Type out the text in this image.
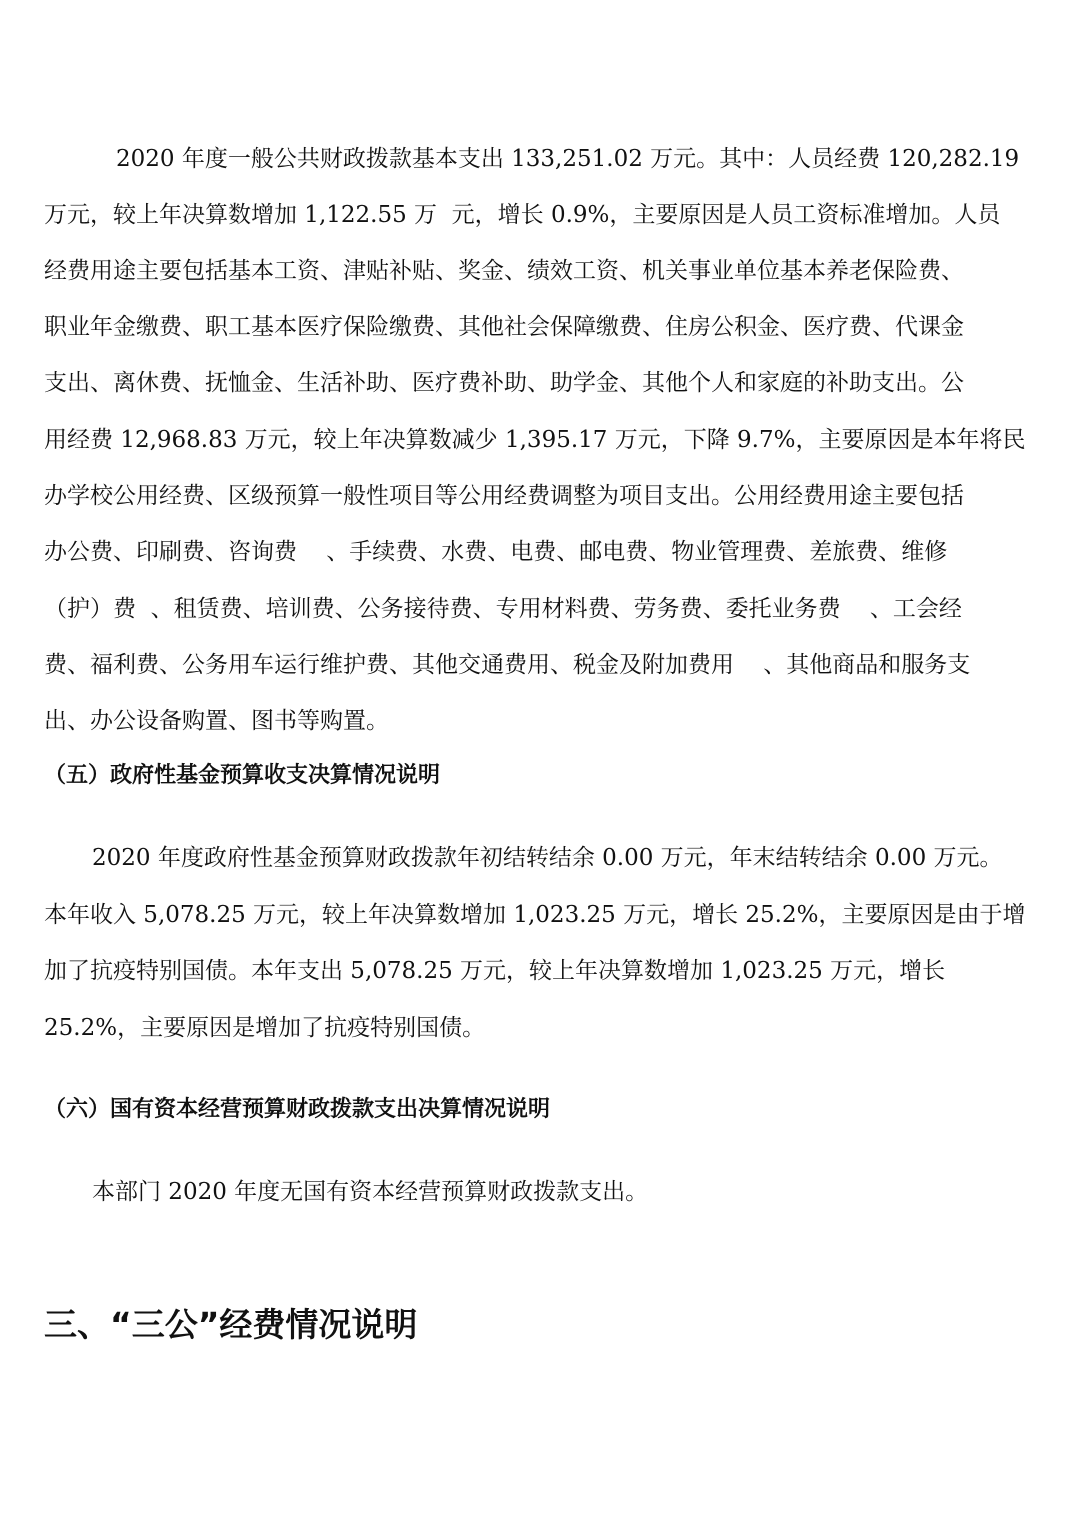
2020 年度一般公共财政拨款基本支出 133,251.02 万元。其中：人员经费 120,282.19
万元，较上年决算数增加 1,122.55 万  元，增长 0.9%，主要原因是人员工资标准增加。人员
经费用途主要包括基本工资、津贴补贴、奖金、绩效工资、机关事业单位基本养老保险费、
职业年金缴费、职工基本医疗保险缴费、其他社会保障缴费、住房公积金、医疗费、代课金
支出、离休费、抚恤金、生活补助、医疗费补助、助学金、其他个人和家庭的补助支出。公
用经费 12,968.83 万元，较上年决算数减少 1,395.17 万元，下降 9.7%，主要原因是本年将民
办学校公用经费、区级预算一般性项目等公用经费调整为项目支出。公用经费用途主要包括
办公费、印刷费、咨询费    、手续费、水费、电费、邮电费、物业管理费、差旅费、维修
（护）费  、租赁费、培训费、公务接待费、专用材料费、劳务费、委托业务费    、工会经
费、福利费、公务用车运行维护费、其他交通费用、税金及附加费用    、其他商品和服务支
出、办公设备购置、图书等购置。
（五）政府性基金预算收支决算情况说明
2020 年度政府性基金预算财政拨款年初结转结余 0.00 万元，年末结转结余 0.00 万元。
本年收入 5,078.25 万元，较上年决算数增加 1,023.25 万元，增长 25.2%，主要原因是由于增
加了抗疫特别国债。本年支出 5,078.25 万元，较上年决算数增加 1,023.25 万元，增长
25.2%，主要原因是增加了抗疫特别国债。
（六）国有资本经营预算财政拨款支出决算情况说明
本部门 2020 年度无国有资本经营预算财政拨款支出。
三、“三公”经费情况说明
